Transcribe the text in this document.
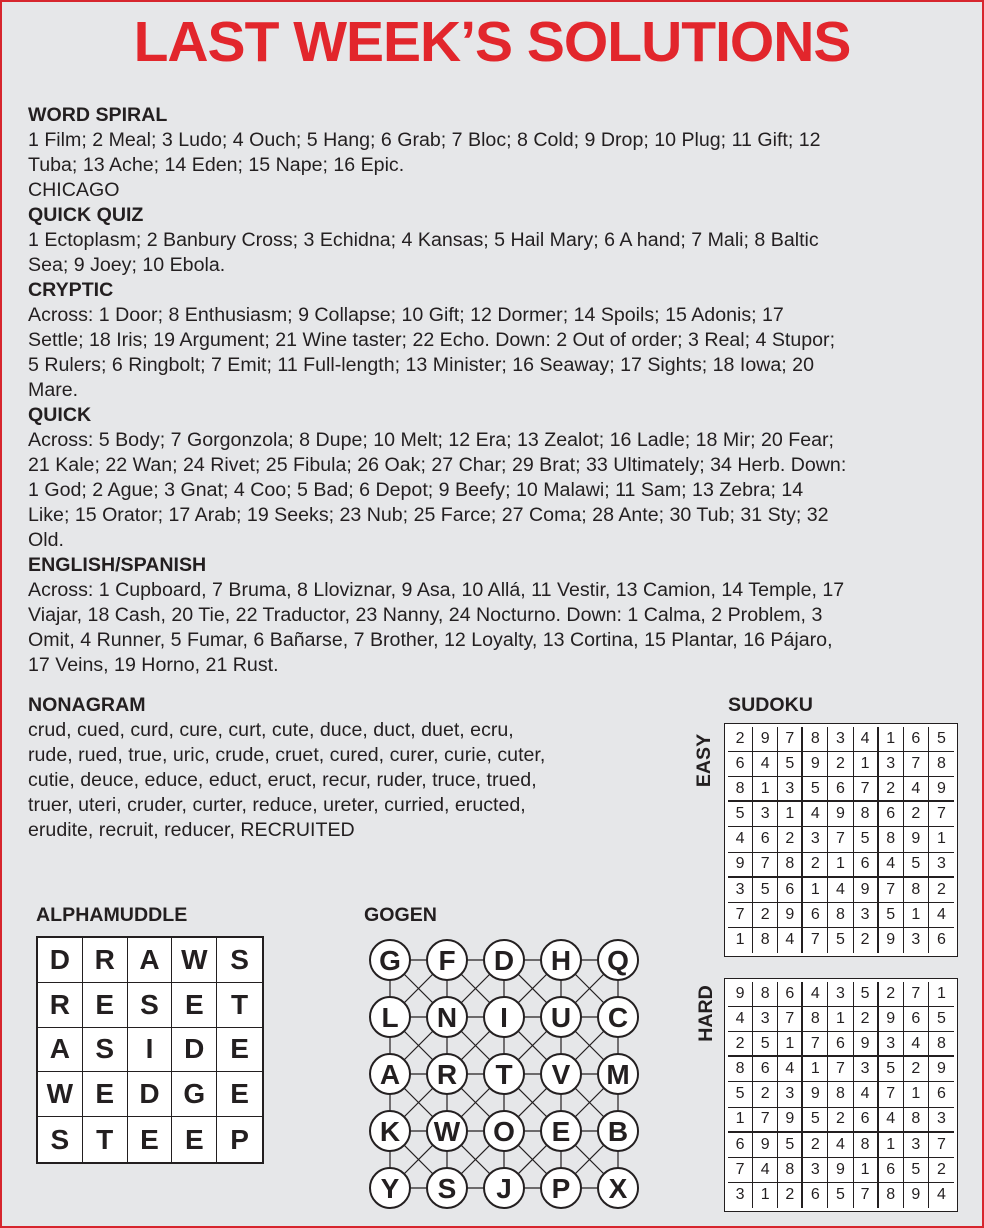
LAST WEEK’S SOLUTIONS
WORD SPIRAL
1 Film; 2 Meal; 3 Ludo; 4 Ouch; 5 Hang; 6 Grab; 7 Bloc; 8 Cold; 9 Drop; 10 Plug; 11 Gift; 12
Tuba; 13 Ache; 14 Eden; 15 Nape; 16 Epic.
CHICAGO
QUICK QUIZ
1 Ectoplasm; 2 Banbury Cross; 3 Echidna; 4 Kansas; 5 Hail Mary; 6 A hand; 7 Mali; 8 Baltic
Sea; 9 Joey; 10 Ebola.
CRYPTIC
Across: 1 Door; 8 Enthusiasm; 9 Collapse; 10 Gift; 12 Dormer; 14 Spoils; 15 Adonis; 17
Settle; 18 Iris; 19 Argument; 21 Wine taster; 22 Echo. Down: 2 Out of order; 3 Real; 4 Stupor;
5 Rulers; 6 Ringbolt; 7 Emit; 11 Full-length; 13 Minister; 16 Seaway; 17 Sights; 18 Iowa; 20
Mare.
QUICK
Across: 5 Body; 7 Gorgonzola; 8 Dupe; 10 Melt; 12 Era; 13 Zealot; 16 Ladle; 18 Mir; 20 Fear;
21 Kale; 22 Wan; 24 Rivet; 25 Fibula; 26 Oak; 27 Char; 29 Brat; 33 Ultimately; 34 Herb. Down:
1 God; 2 Ague; 3 Gnat; 4 Coo; 5 Bad; 6 Depot; 9 Beefy; 10 Malawi; 11 Sam; 13 Zebra; 14
Like; 15 Orator; 17 Arab; 19 Seeks; 23 Nub; 25 Farce; 27 Coma; 28 Ante; 30 Tub; 31 Sty; 32
Old.
ENGLISH/SPANISH
Across: 1 Cupboard, 7 Bruma, 8 Lloviznar, 9 Asa, 10 Allá, 11 Vestir, 13 Camion, 14 Temple, 17
Viajar, 18 Cash, 20 Tie, 22 Traductor, 23 Nanny, 24 Nocturno. Down: 1 Calma, 2 Problem, 3
Omit, 4 Runner, 5 Fumar, 6 Bañarse, 7 Brother, 12 Loyalty, 13 Cortina, 15 Plantar, 16 Pájaro,
17 Veins, 19 Horno, 21 Rust.
NONAGRAM
crud, cued, curd, cure, curt, cute, duce, duct, duet, ecru,
rude, rued, true, uric, crude, cruet, cured, curer, curie, cuter,
cutie, deuce, educe, educt, eruct, recur, ruder, truce, trued,
truer, uteri, cruder, curter, reduce, ureter, curried, eructed,
erudite, recruit, reducer, RECRUITED
SUDOKU
EASY
HARD
2	9 7	8	3 4	1	6	5
6	4 5	9	2 1	3	7	8
8	1 3	5	6 7	2	4	9
5	3 1	4	9 8	6	2	7
4	6 2	3	7 5	8	9	1
9	7 8	2	1 6	4	5	3
3	5 6	1	4 9	7	8	2
7	2 9	6	8 3	5	1	4
1	8 4	7	5 2	9	3	6
9	8 6	4	3 5	2	7	1
4	3 7	8	1 2	9	6	5
2	5 1	7	6 9	3	4	8
8	6 4	1	7 3	5	2	9
5	2 3	9	8 4	7	1	6
1	7 9	5	2 6	4	8	3
6	9 5	2	4 8	1	3	7
7	4 8	3	9 1	6	5	2
3	1 2	6	5 7	8	9	4
ALPHAMUDDLE
D R A W S
R E S E T
A S	I	D E
W E D G E
S T E E P
GOGEN
G F D H Q
L N I U C
A R T V M
K W O E B
Y S J P X
